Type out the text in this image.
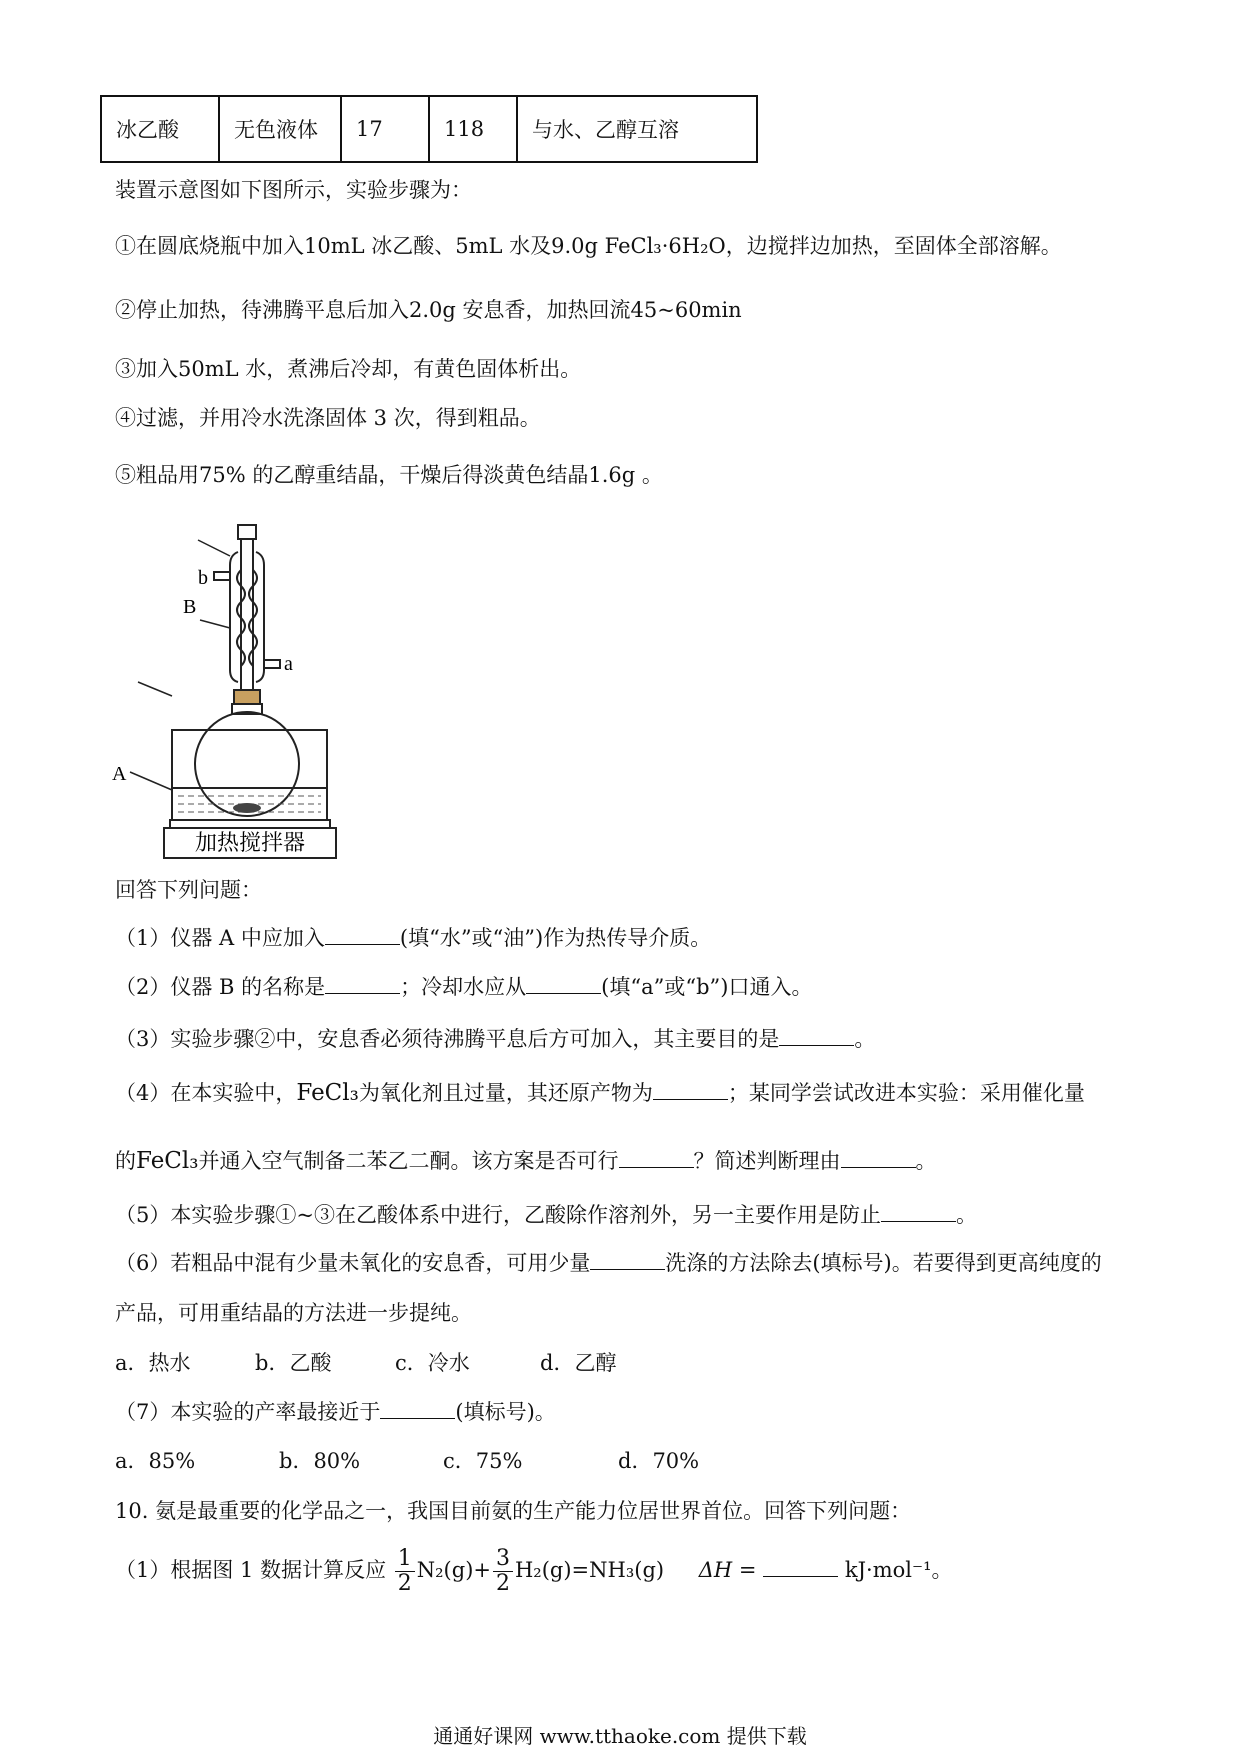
冰乙酸	无色液体	17	118	与水、乙醇互溶
装置示意图如下图所示，实验步骤为：
①在圆底烧瓶中加入10mL 冰乙酸、5mL 水及9.0g FeCl₃·6H₂O，边搅拌边加热，至固体全部溶解。
②停止加热，待沸腾平息后加入2.0g 安息香，加热回流45~60min
③加入50mL 水，煮沸后冷却，有黄色固体析出。
④过滤，并用冷水洗涤固体 3 次，得到粗品。
⑤粗品用75% 的乙醇重结晶，干燥后得淡黄色结晶1.6g 。
b
a
B
A
加热搅拌器
回答下列问题：
（1）仪器 A 中应加入	(填“水”或“油”)作为热传导介质。
（2）仪器 B 的名称是	；冷却水应从	(填“a”或“b”)口通入。
（3）实验步骤②中，安息香必须待沸腾平息后方可加入，其主要目的是	。
（4）在本实验中，FeCl₃为氧化剂且过量，其还原产物为	；某同学尝试改进本实验：采用催化量
的FeCl₃并通入空气制备二苯乙二酮。该方案是否可行	？简述判断理由	。
（5）本实验步骤①~③在乙酸体系中进行，乙酸除作溶剂外，另一主要作用是防止	。
（6）若粗品中混有少量未氧化的安息香，可用少量	洗涤的方法除去(填标号)。若要得到更高纯度的
产品，可用重结晶的方法进一步提纯。
a．热水	b．乙酸	c．冷水	d．乙醇
（7）本实验的产率最接近于	(填标号)。
a．85%	b．80%	c．75%	d．70%
10. 氨是最重要的化学品之一，我国目前氨的生产能力位居世界首位。回答下列问题：
（1）根据图 1 数据计算反应 $\frac{1}{2} N_2(g)+ \frac{3}{2} H_2(g)=NH_3(g) \Delta H$ =	kJ·mol⁻¹。
通通好课网 www.tthaoke.com 提供下载
